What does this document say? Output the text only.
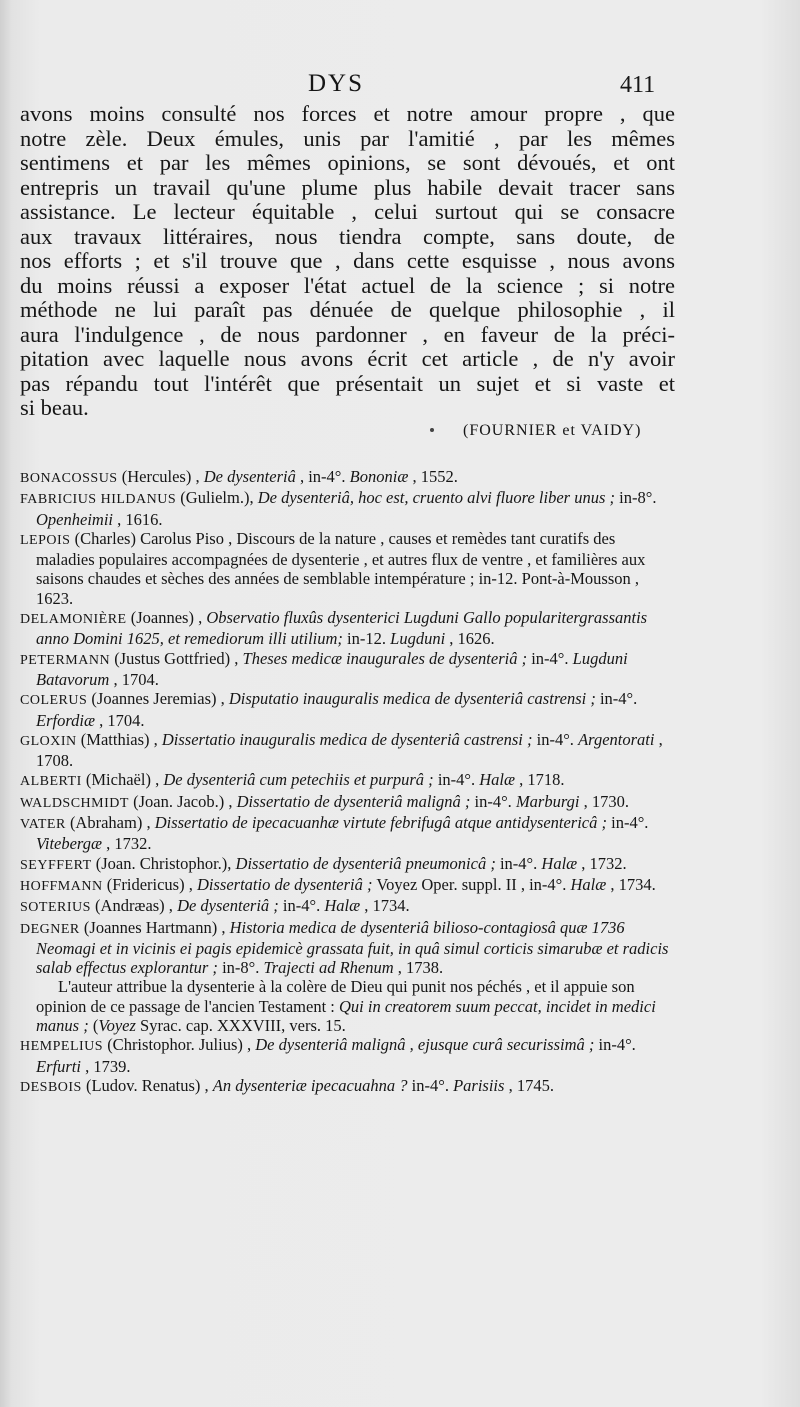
DYS	411
avons moins consulté nos forces et notre amour propre , que
notre zèle. Deux émules, unis par l'amitié , par les mêmes
sentimens et par les mêmes opinions, se sont dévoués, et ont
entrepris un travail qu'une plume plus habile devait tracer sans
assistance. Le lecteur équitable , celui surtout qui se consacre
aux travaux littéraires, nous tiendra compte, sans doute, de
nos efforts ; et s'il trouve que , dans cette esquisse , nous avons
du moins réussi a exposer l'état actuel de la science ; si notre
méthode ne lui paraît pas dénuée de quelque philosophie , il
aura l'indulgence , de nous pardonner , en faveur de la préci-
pitation avec laquelle nous avons écrit cet article , de n'y avoir
pas répandu tout l'intérêt que présentait un sujet et si vaste et
si beau.
(FOURNIER et VAIDY)
BONACOSSUS (Hercules) , De dysenteriâ , in-4°. Bononiæ , 1552.
FABRICIUS HILDANUS (Gulielm.), De dysenteriâ, hoc est, cruento alvi fluore liber unus ; in-8°. Openheimii , 1616.
LEPOIS (Charles) Carolus Piso , Discours de la nature , causes et remèdes tant curatifs des maladies populaires accompagnées de dysenterie , et autres flux de ventre , et familières aux saisons chaudes et sèches des années de semblable intempérature ; in-12. Pont-à-Mousson , 1623.
DELAMONIÈRE (Joannes) , Observatio fluxûs dysenterici Lugduni Gallo popularitergrassantis anno Domini 1625, et remediorum illi utilium; in-12. Lugduni , 1626.
PETERMANN (Justus Gottfried) , Theses medicæ inaugurales de dysenteriâ ; in-4°. Lugduni Batavorum , 1704.
COLERUS (Joannes Jeremias) , Disputatio inauguralis medica de dysenteriâ castrensi ; in-4°. Erfordiæ , 1704.
GLOXIN (Matthias) , Dissertatio inauguralis medica de dysenteriâ castrensi ; in-4°. Argentorati , 1708.
ALBERTI (Michaël) , De dysenteriâ cum petechiis et purpurâ ; in-4°. Halæ , 1718.
WALDSCHMIDT (Joan. Jacob.) , Dissertatio de dysenteriâ malignâ ; in-4°. Marburgi , 1730.
VATER (Abraham) , Dissertatio de ipecacuanhæ virtute febrifugâ atque antidysentericâ ; in-4°. Vitebergæ , 1732.
SEYFFERT (Joan. Christophor.), Dissertatio de dysenteriâ pneumonicâ ; in-4°. Halæ , 1732.
HOFFMANN (Fridericus) , Dissertatio de dysenteriâ ; Voyez Oper. suppl. II , in-4°. Halæ , 1734.
SOTERIUS (Andræas) , De dysenteriâ ; in-4°. Halæ , 1734.
DEGNER (Joannes Hartmann) , Historia medica de dysenteriâ bilioso-contagiosâ quæ 1736 Neomagi et in vicinis ei pagis epidemicè grassata fuit, in quâ simul corticis simarubæ et radicis salab effectus explorantur ; in-8°. Trajecti ad Rhenum , 1738.
L'auteur attribue la dysenterie à la colère de Dieu qui punit nos péchés , et il appuie son opinion de ce passage de l'ancien Testament : Qui in creatorem suum peccat, incidet in medici manus ; (Voyez Syrac. cap. XXXVIII, vers. 15.
HEMPELIUS (Christophor. Julius) , De dysenteriâ malignâ , ejusque curâ securissimâ ; in-4°. Erfurti , 1739.
DESBOIS (Ludov. Renatus) , An dysenteriæ ipecacuahna ? in-4°. Parisiis , 1745.
